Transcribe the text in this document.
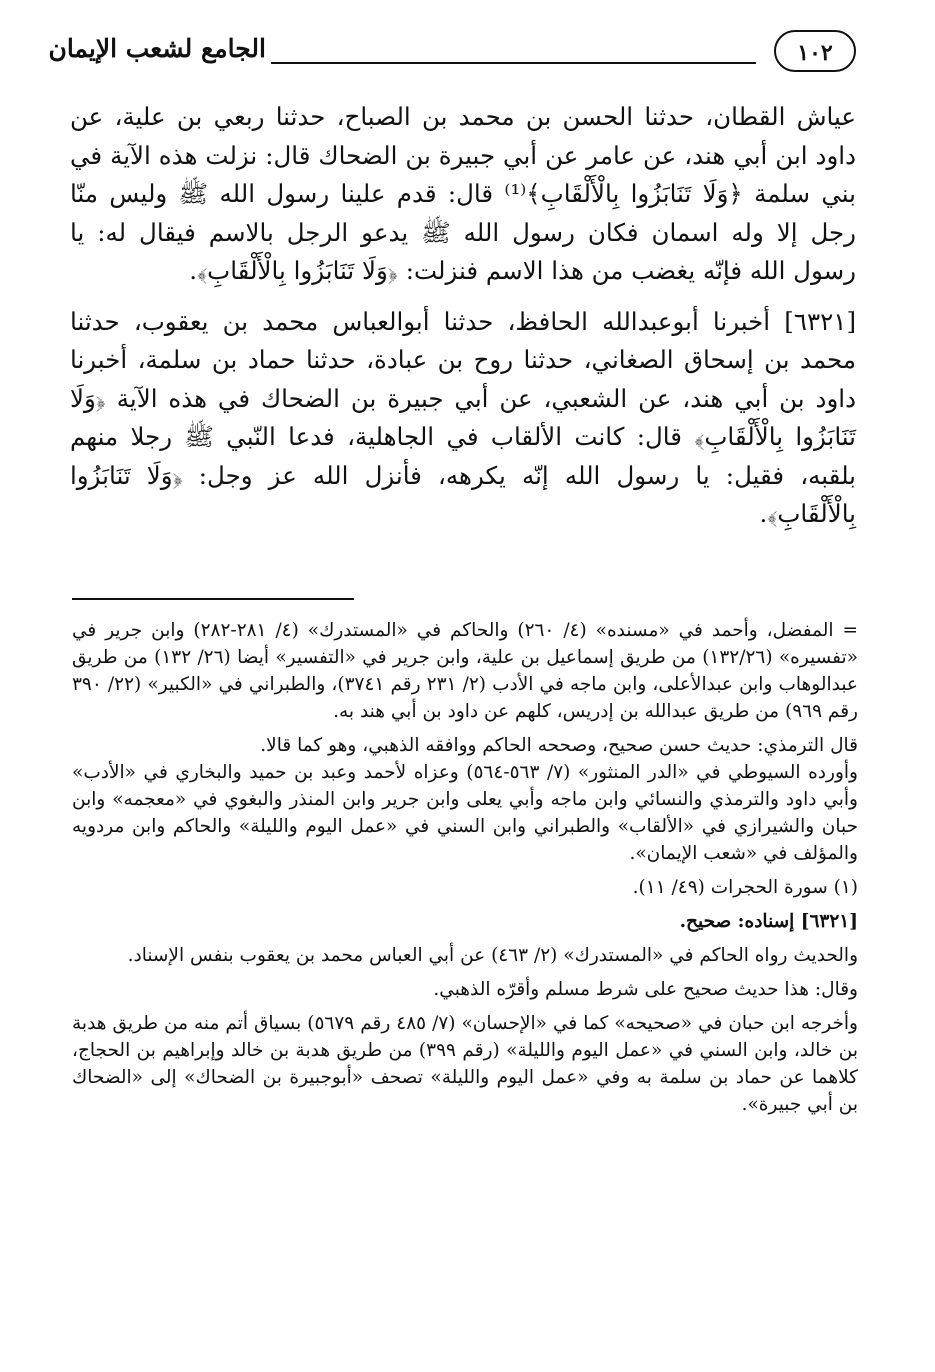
١٠٢
الجامع لشعب الإيمان

عياش القطان، حدثنا الحسن بن محمد بن الصباح، حدثنا ربعي بن علية، عن داود ابن أبي هند، عن عامر عن أبي جبيرة بن الضحاك قال: نزلت هذه الآية في بني سلمة ﴿وَلَا تَنَابَزُوا بِالْأَلْقَابِ﴾⁽¹⁾ قال: قدم علينا رسول الله ﷺ وليس منّا رجل إلا وله اسمان فكان رسول الله ﷺ يدعو الرجل بالاسم فيقال له: يا رسول الله فإنّه يغضب من هذا الاسم فنزلت: ﴿وَلَا تَنَابَزُوا بِالْأَلْقَابِ﴾.

[٦٣٢١] أخبرنا أبوعبدالله الحافظ، حدثنا أبوالعباس محمد بن يعقوب، حدثنا محمد بن إسحاق الصغاني، حدثنا روح بن عبادة، حدثنا حماد بن سلمة، أخبرنا داود بن أبي هند، عن الشعبي، عن أبي جبيرة بن الضحاك في هذه الآية ﴿وَلَا تَنَابَزُوا بِالْأَلْقَابِ﴾ قال: كانت الألقاب في الجاهلية، فدعا النّبي ﷺ رجلا منهم بلقبه، فقيل: يا رسول الله إنّه يكرهه، فأنزل الله عز وجل: ﴿وَلَا تَنَابَزُوا بِالْأَلْقَابِ﴾.

= المفضل، وأحمد في «مسنده» (٤/ ٢٦٠) والحاكم في «المستدرك» (٤/ ٢٨١-٢٨٢) وابن جرير في «تفسيره» (١٣٢/٢٦) من طريق إسماعيل بن علية، وابن جرير في «التفسير» أيضا (٢٦/ ١٣٢) من طريق عبدالوهاب وابن عبدالأعلى، وابن ماجه في الأدب (٢/ ٢٣١ رقم ٣٧٤١)، والطبراني في «الكبير» (٢٢/ ٣٩٠ رقم ٩٦٩) من طريق عبدالله بن إدريس، كلهم عن داود بن أبي هند به.

قال الترمذي: حديث حسن صحيح، وصححه الحاكم ووافقه الذهبي، وهو كما قالا.

وأورده السيوطي في «الدر المنثور» (٧/ ٥٦٣-٥٦٤) وعزاه لأحمد وعبد بن حميد والبخاري في «الأدب» وأبي داود والترمذي والنسائي وابن ماجه وأبي يعلى وابن جرير وابن المنذر والبغوي في «معجمه» وابن حبان والشيرازي في «الألقاب» والطبراني وابن السني في «عمل اليوم والليلة» والحاكم وابن مردويه والمؤلف في «شعب الإيمان».

(١) سورة الحجرات (٤٩/ ١١).

[٦٣٢١] إسناده: صحيح.

والحديث رواه الحاكم في «المستدرك» (٢/ ٤٦٣) عن أبي العباس محمد بن يعقوب بنفس الإسناد.

وقال: هذا حديث صحيح على شرط مسلم وأقرّه الذهبي.

وأخرجه ابن حبان في «صحيحه» كما في «الإحسان» (٧/ ٤٨٥ رقم ٥٦٧٩) بسياق أتم منه من طريق هدبة بن خالد، وابن السني في «عمل اليوم والليلة» (رقم ٣٩٩) من طريق هدبة بن خالد وإبراهيم بن الحجاج، كلاهما عن حماد بن سلمة به وفي «عمل اليوم والليلة» تصحف «أبوجبيرة بن الضحاك» إلى «الضحاك بن أبي جبيرة».
